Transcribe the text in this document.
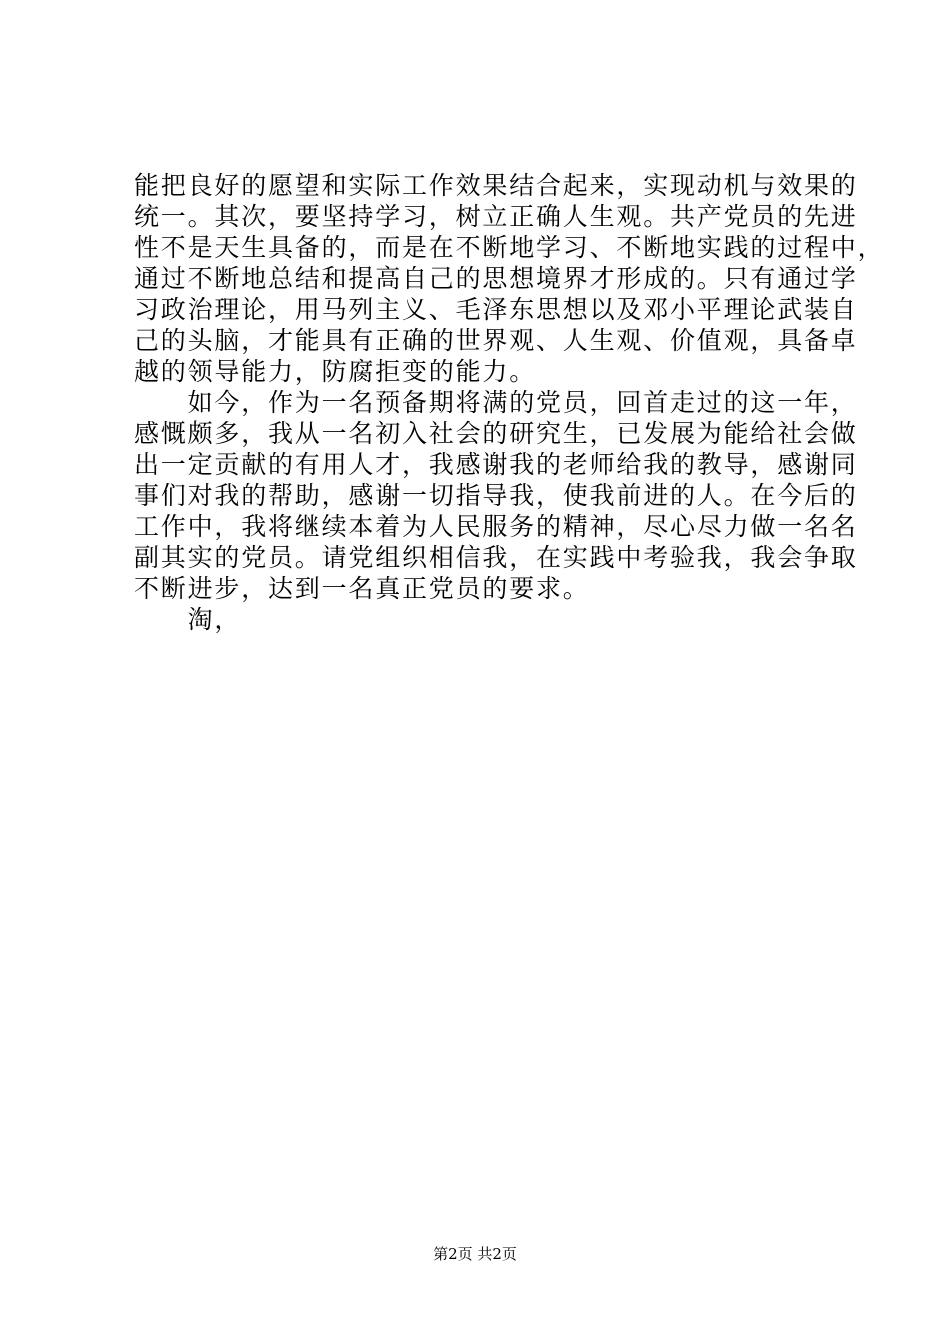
能把良好的愿望和实际工作效果结合起来，实现动机与效果的
统一。其次，要坚持学习，树立正确人生观。共产党员的先进
性不是天生具备的，而是在不断地学习、不断地实践的过程中，
通过不断地总结和提高自己的思想境界才形成的。只有通过学
习政治理论，用马列主义、毛泽东思想以及邓小平理论武装自
己的头脑，才能具有正确的世界观、人生观、价值观，具备卓
越的领导能力，防腐拒变的能力。
　　如今，作为一名预备期将满的党员，回首走过的这一年，
感慨颇多，我从一名初入社会的研究生，已发展为能给社会做
出一定贡献的有用人才，我感谢我的老师给我的教导，感谢同
事们对我的帮助，感谢一切指导我，使我前进的人。在今后的
工作中，我将继续本着为人民服务的精神，尽心尽力做一名名
副其实的党员。请党组织相信我，在实践中考验我，我会争取
不断进步，达到一名真正党员的要求。
　　淘，
第2页 共2页
